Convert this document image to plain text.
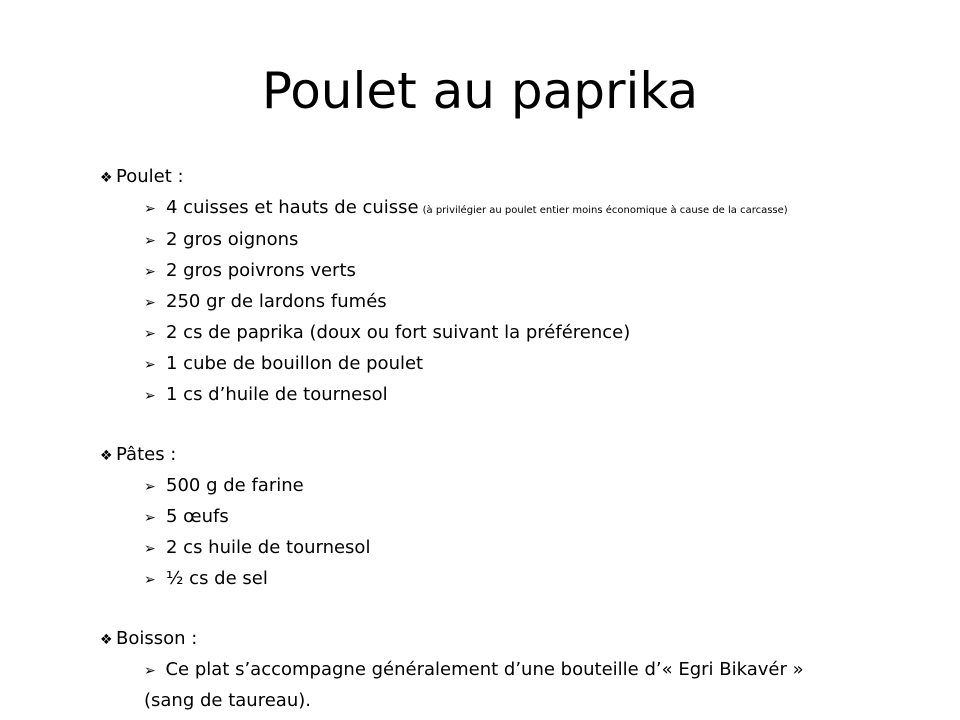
Poulet au paprika
❖ Poulet :
➢ 4 cuisses et hauts de cuisse (à privilégier au poulet entier moins économique à cause de la carcasse)
➢ 2 gros oignons
➢ 2 gros poivrons verts
➢ 250 gr de lardons fumés
➢ 2 cs de paprika (doux ou fort suivant la préférence)
➢ 1 cube de bouillon de poulet
➢ 1 cs d’huile de tournesol
❖ Pâtes :
➢ 500 g de farine
➢ 5 œufs
➢ 2 cs huile de tournesol
➢ ½ cs de sel
❖ Boisson :
➢ Ce plat s’accompagne généralement d’une bouteille d’« Egri Bikavér » (sang de taureau).
